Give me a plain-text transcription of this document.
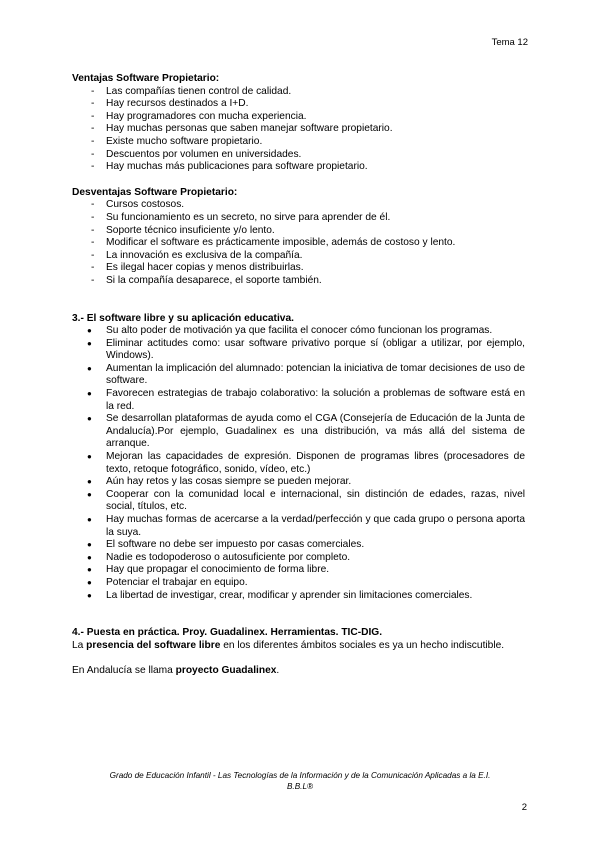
Tema 12
Ventajas Software Propietario:
- Las compañías tienen control de calidad.
- Hay recursos destinados a I+D.
- Hay programadores con mucha experiencia.
- Hay muchas personas que saben manejar software propietario.
- Existe mucho software propietario.
- Descuentos por volumen en universidades.
- Hay muchas más publicaciones para software propietario.
Desventajas Software Propietario:
- Cursos costosos.
- Su funcionamiento es un secreto, no sirve para aprender de él.
- Soporte técnico insuficiente y/o lento.
- Modificar el software es prácticamente imposible, además de costoso y lento.
- La innovación es exclusiva de la compañía.
- Es ilegal hacer copias y menos distribuirlas.
- Si la compañía desaparece, el soporte también.
3.- El software libre y su aplicación educativa.
● Su alto poder de motivación ya que facilita el conocer cómo funcionan los programas.
● Eliminar actitudes como: usar software privativo porque sí (obligar a utilizar, por ejemplo, Windows).
● Aumentan la implicación del alumnado: potencian la iniciativa de tomar decisiones de uso de software.
● Favorecen estrategias de trabajo colaborativo: la solución a problemas de software está en la red.
● Se desarrollan plataformas de ayuda como el CGA (Consejería de Educación de la Junta de Andalucía).Por ejemplo, Guadalinex es una distribución, va más allá del sistema de arranque.
● Mejoran las capacidades de expresión. Disponen de programas libres (procesadores de texto, retoque fotográfico, sonido, vídeo, etc.)
● Aún hay retos y las cosas siempre se pueden mejorar.
● Cooperar con la comunidad local e internacional, sin distinción de edades, razas, nivel social, títulos, etc.
● Hay muchas formas de acercarse a la verdad/perfección y que cada grupo o persona aporta la suya.
● El software no debe ser impuesto por casas comerciales.
● Nadie es todopoderoso o autosuficiente por completo.
● Hay que propagar el conocimiento de forma libre.
● Potenciar el trabajar en equipo.
● La libertad de investigar, crear, modificar y aprender sin limitaciones comerciales.
4.- Puesta en práctica. Proy. Guadalinex. Herramientas. TIC-DIG.
La presencia del software libre en los diferentes ámbitos sociales es ya un hecho indiscutible.
En Andalucía se llama proyecto Guadalinex.
Grado de Educación Infantil - Las Tecnologías de la Información y de la Comunicación Aplicadas a la E.I.
B.B.L®
2
